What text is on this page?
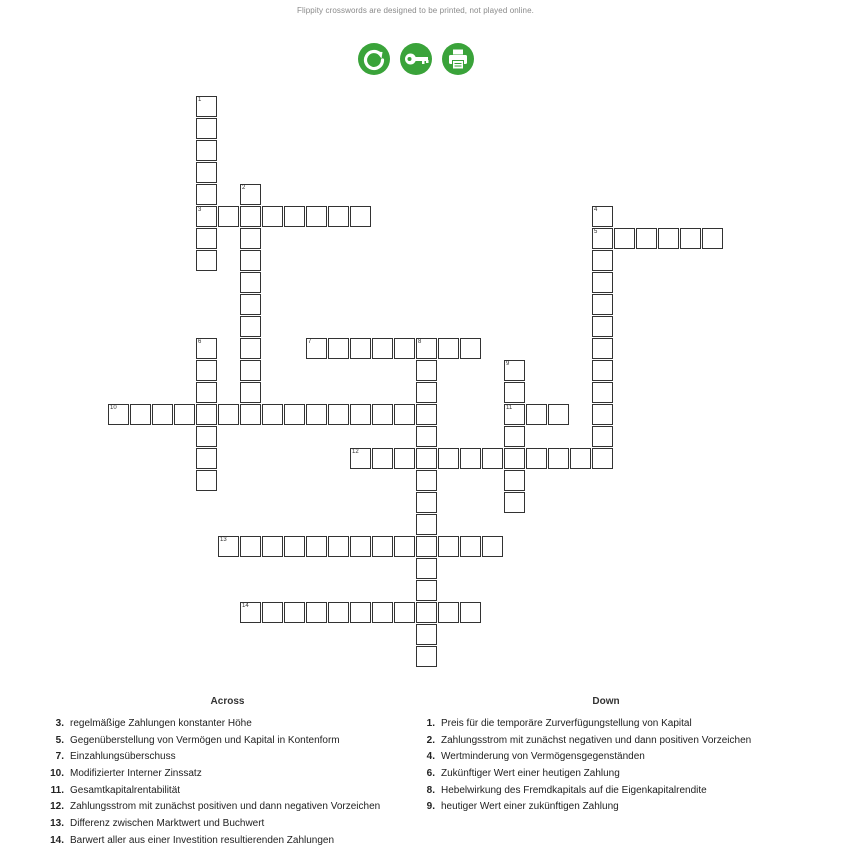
Flippity crosswords are designed to be printed, not played online.
1
3
2
4
5
6	7	8
9
11
10
12
13
14
Across
3. regelmäßige Zahlungen konstanter Höhe
5. Gegenüberstellung von Vermögen und Kapital in Kontenform
7. Einzahlungsüberschuss
10. Modifizierter Interner Zinssatz
11. Gesamtkapitalrentabilität
12. Zahlungsstrom mit zunächst positiven und dann negativen Vorzeichen
13. Differenz zwischen Marktwert und Buchwert
14. Barwert aller aus einer Investition resultierenden Zahlungen
Down
1. Preis für die temporäre Zurverfügungstellung von Kapital
2. Zahlungsstrom mit zunächst negativen und dann positiven Vorzeichen
4. Wertminderung von Vermögensgegenständen
6. Zukünftiger Wert einer heutigen Zahlung
8. Hebelwirkung des Fremdkapitals auf die Eigenkapitalrendite
9. heutiger Wert einer zukünftigen Zahlung
